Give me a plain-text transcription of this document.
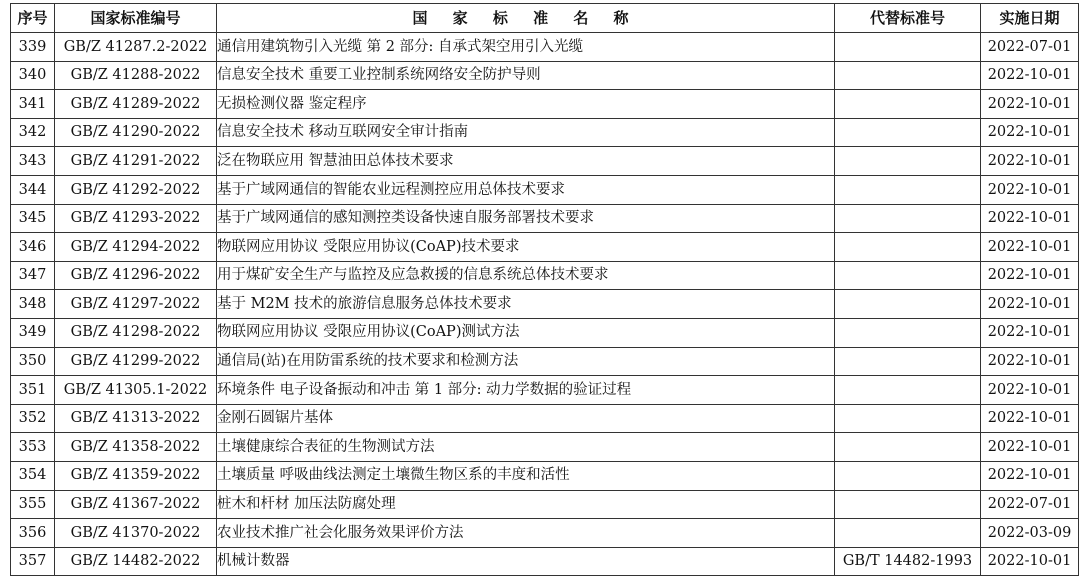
序号	国家标准编号	国 家 标 准 名 称	代替标准号	实施日期
339	GB/Z 41287.2-2022	通信用建筑物引入光缆 第 2 部分: 自承式架空用引入光缆		2022-07-01
340	GB/Z 41288-2022	信息安全技术 重要工业控制系统网络安全防护导则		2022-10-01
341	GB/Z 41289-2022	无损检测仪器 鉴定程序		2022-10-01
342	GB/Z 41290-2022	信息安全技术 移动互联网安全审计指南		2022-10-01
343	GB/Z 41291-2022	泛在物联应用 智慧油田总体技术要求		2022-10-01
344	GB/Z 41292-2022	基于广域网通信的智能农业远程测控应用总体技术要求		2022-10-01
345	GB/Z 41293-2022	基于广域网通信的感知测控类设备快速自服务部署技术要求		2022-10-01
346	GB/Z 41294-2022	物联网应用协议 受限应用协议(CoAP)技术要求		2022-10-01
347	GB/Z 41296-2022	用于煤矿安全生产与监控及应急救援的信息系统总体技术要求		2022-10-01
348	GB/Z 41297-2022	基于 M2M 技术的旅游信息服务总体技术要求		2022-10-01
349	GB/Z 41298-2022	物联网应用协议 受限应用协议(CoAP)测试方法		2022-10-01
350	GB/Z 41299-2022	通信局(站)在用防雷系统的技术要求和检测方法		2022-10-01
351	GB/Z 41305.1-2022	环境条件 电子设备振动和冲击 第 1 部分: 动力学数据的验证过程		2022-10-01
352	GB/Z 41313-2022	金刚石圆锯片基体		2022-10-01
353	GB/Z 41358-2022	土壤健康综合表征的生物测试方法		2022-10-01
354	GB/Z 41359-2022	土壤质量 呼吸曲线法测定土壤微生物区系的丰度和活性		2022-10-01
355	GB/Z 41367-2022	桩木和杆材 加压法防腐处理		2022-07-01
356	GB/Z 41370-2022	农业技术推广社会化服务效果评价方法		2022-03-09
357	GB/Z 14482-2022	机械计数器	GB/T 14482-1993	2022-10-01
